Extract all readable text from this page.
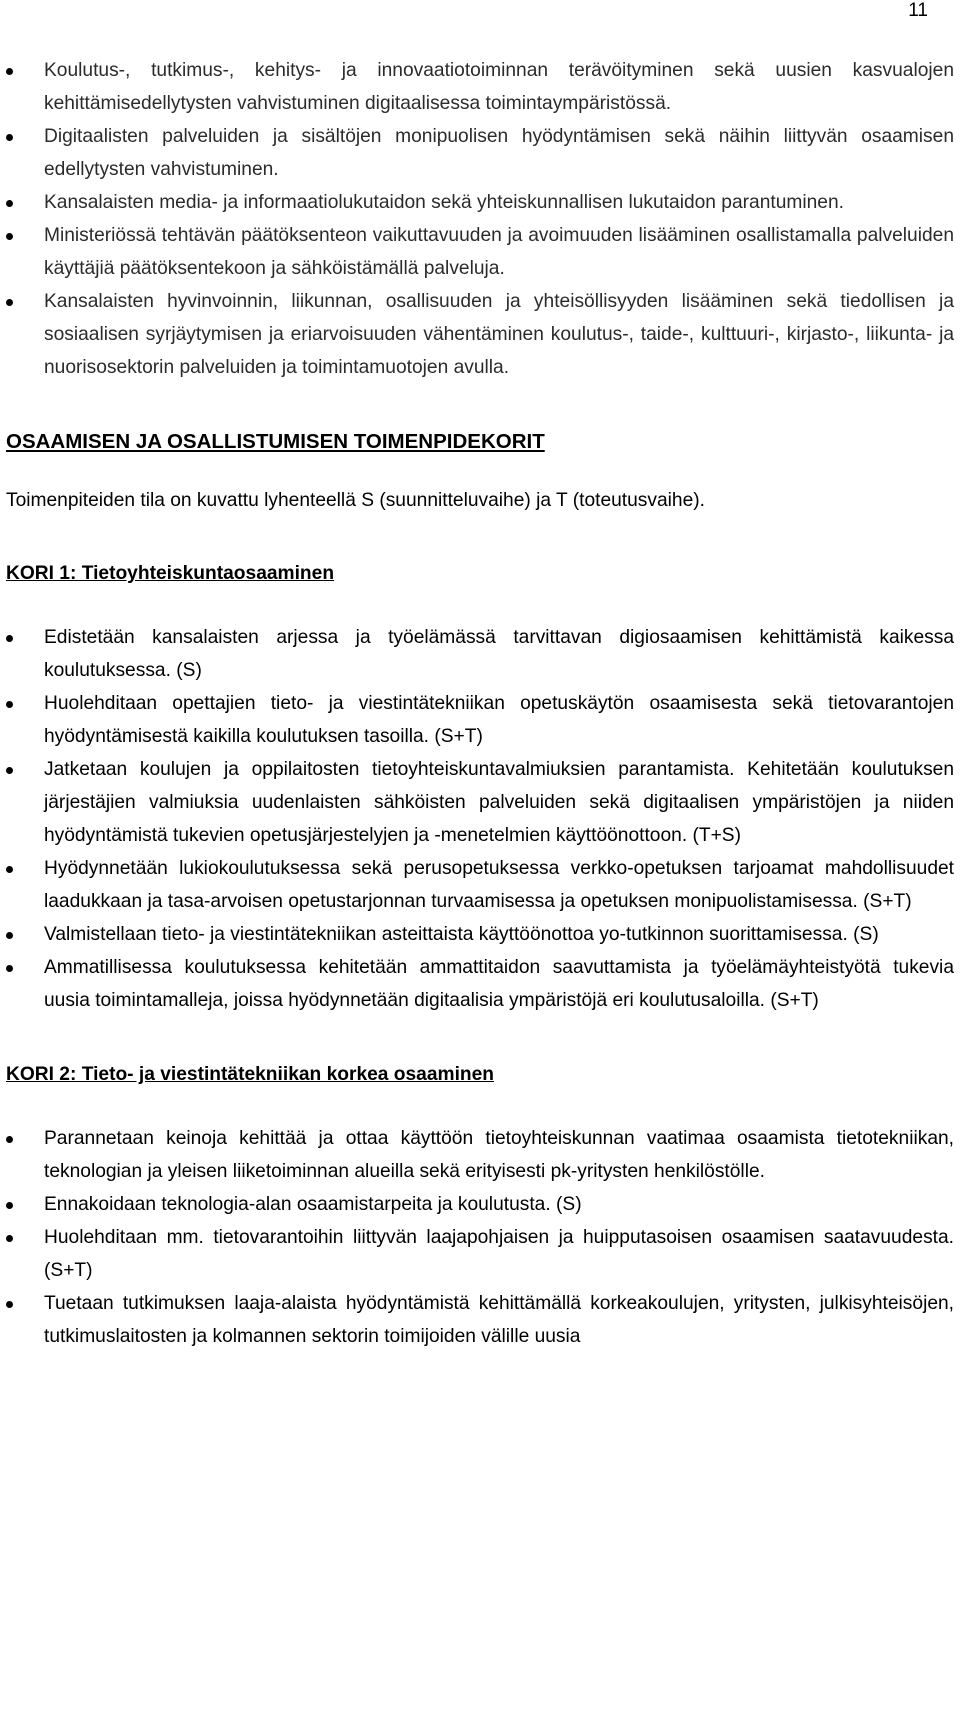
11
Koulutus-, tutkimus-, kehitys- ja innovaatiotoiminnan terävöityminen sekä uusien kasvualojen kehittämisedellytysten vahvistuminen digitaalisessa toimintaympäristössä.
Digitaalisten palveluiden ja sisältöjen monipuolisen hyödyntämisen sekä näihin liittyvän osaamisen edellytysten vahvistuminen.
Kansalaisten media- ja informaatiolukutaidon sekä yhteiskunnallisen lukutaidon parantuminen.
Ministeriössä tehtävän päätöksenteon vaikuttavuuden ja avoimuuden lisääminen osallistamalla palveluiden käyttäjiä päätöksentekoon ja sähköistämällä palveluja.
Kansalaisten hyvinvoinnin, liikunnan, osallisuuden ja yhteisöllisyyden lisääminen sekä tiedollisen ja sosiaalisen syrjäytymisen ja eriarvoisuuden vähentäminen koulutus-, taide-, kulttuuri-, kirjasto-, liikunta- ja nuorisosektorin palveluiden ja toimintamuotojen avulla.
OSAAMISEN JA OSALLISTUMISEN TOIMENPIDEKORIT

Toimenpiteiden tila on kuvattu lyhenteellä S (suunnitteluvaihe) ja T (toteutusvaihe).

KORI 1: Tietoyhteiskuntaosaaminen
Edistetään kansalaisten arjessa ja työelämässä tarvittavan digiosaamisen kehittämistä kaikessa koulutuksessa. (S)
Huolehditaan opettajien tieto- ja viestintätekniikan opetuskäytön osaamisesta sekä tietovarantojen hyödyntämisestä kaikilla koulutuksen tasoilla. (S+T)
Jatketaan koulujen ja oppilaitosten tietoyhteiskuntavalmiuksien parantamista. Kehitetään koulutuksen järjestäjien valmiuksia uudenlaisten sähköisten palveluiden sekä digitaalisen ympäristöjen ja niiden hyödyntämistä tukevien opetusjärjestelyjen ja -menetelmien käyttöönottoon. (T+S)
Hyödynnetään lukiokoulutuksessa sekä perusopetuksessa verkko-opetuksen tarjoamat mahdollisuudet laadukkaan ja tasa-arvoisen opetustarjonnan turvaamisessa ja opetuksen monipuolistamisessa. (S+T)
Valmistellaan tieto- ja viestintätekniikan asteittaista käyttöönottoa yo-tutkinnon suorittamisessa. (S)
Ammatillisessa koulutuksessa kehitetään ammattitaidon saavuttamista ja työelämäyhteistyötä tukevia uusia toimintamalleja, joissa hyödynnetään digitaalisia ympäristöjä eri koulutusaloilla. (S+T)
KORI 2: Tieto- ja viestintätekniikan korkea osaaminen
Parannetaan keinoja kehittää ja ottaa käyttöön tietoyhteiskunnan vaatimaa osaamista tietotekniikan, teknologian ja yleisen liiketoiminnan alueilla sekä erityisesti pk-yritysten henkilöstölle.
Ennakoidaan teknologia-alan osaamistarpeita ja koulutusta. (S)
Huolehditaan mm. tietovarantoihin liittyvän laajapohjaisen ja huipputasoisen osaamisen saatavuudesta. (S+T)
Tuetaan tutkimuksen laaja-alaista hyödyntämistä kehittämällä korkeakoulujen, yritysten, julkisyhteisöjen, tutkimuslaitosten ja kolmannen sektorin toimijoiden välille uusia
